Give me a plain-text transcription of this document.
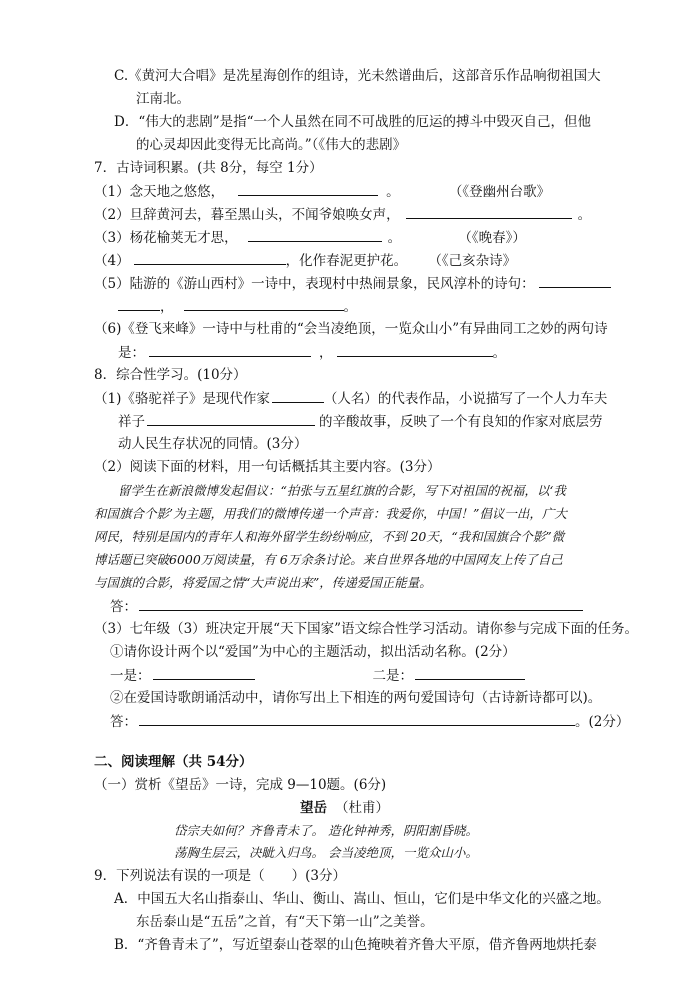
C.《黄河大合唱》是冼星海创作的组诗，光未然谱曲后，这部音乐作品响彻祖国大
江南北。
D．“伟大的悲剧”是指“一个人虽然在同不可战胜的厄运的搏斗中毁灭自己，但他
的心灵却因此变得无比高尚。”（《伟大的悲剧》
7．古诗词积累。(共 8分，每空 1分）
（1）念天地之悠悠，	。	（《登幽州台歌》
（2）旦辞黄河去，暮至黑山头，不闻爷娘唤女声，	。
（3）杨花榆荚无才思，	。	（《晚春》）
（4）	，化作春泥更护花。 （《己亥杂诗》
（5）陆游的《游山西村》一诗中，表现村中热闹景象，民风淳朴的诗句：
，	。
（6)《登飞来峰》一诗中与杜甫的“会当凌绝顶，一览众山小”有异曲同工之妙的两句诗
是：	，	。
8．综合性学习。(10分）
（1)《骆驼祥子》是现代作家	（人名）的代表作品，小说描写了一个人力车夫
祥子	的辛酸故事，反映了一个有良知的作家对底层劳
动人民生存状况的同情。(3分）
（2）阅读下面的材料，用一句话概括其主要内容。(3分）
留学生在新浪微博发起倡议：“拍张与五星红旗的合影，写下对祖国的祝福，以‘我
和国旗合个影’为主题，用我们的微博传递一个声音：我爱你，中国！”倡议一出，广大
网民，特别是国内的青年人和海外留学生纷纷响应，不到 20天，“我和国旗合个影”微
博话题已突破6000万阅读量，有 6万余条讨论。来自世界各地的中国网友上传了自己
与国旗的合影，将爱国之情“大声说出来”，传递爱国正能量。
答：
（3）七年级（3）班决定开展“天下国家”语文综合性学习活动。请你参与完成下面的任务。
①请你设计两个以“爱国”为中心的主题活动，拟出活动名称。(2分）
一是：	二是：
②在爱国诗歌朗诵活动中，请你写出上下相连的两句爱国诗句（古诗新诗都可以)。
答：	。(2分）
二、阅读理解（共 54分）
（一）赏析《望岳》一诗，完成 9—10题。(6分)
望岳 （杜甫）
岱宗夫如何？齐鲁青未了。 造化钟神秀，阴阳割昏晓。
荡胸生层云，决眦入归鸟。 会当凌绝顶，一览众山小。
9．下列说法有误的一项是（　　）(3分）
A．中国五大名山指泰山、华山、衡山、嵩山、恒山，它们是中华文化的兴盛之地。
东岳泰山是“五岳”之首，有“天下第一山”之美誉。
B．“齐鲁青未了”，写近望泰山苍翠的山色掩映着齐鲁大平原，借齐鲁两地烘托泰
